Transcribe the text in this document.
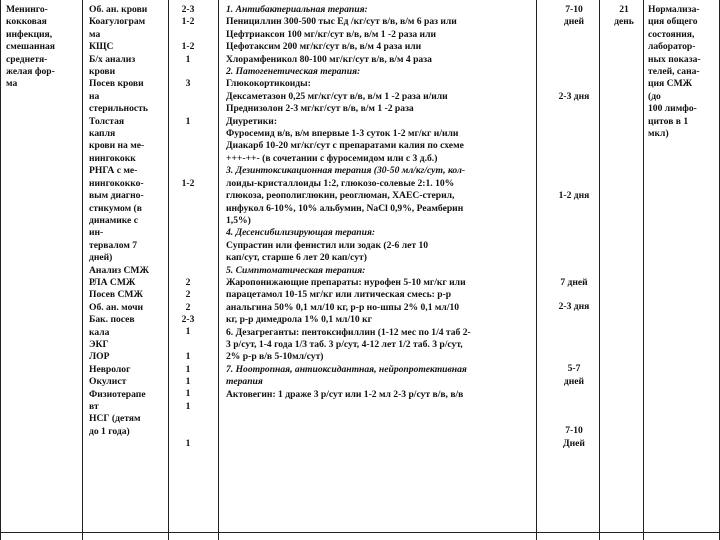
Менинго-
кокковая
инфекция,
смешанная
среднетя-
желая фор-
ма
Об. ан. крови
Коагулограм
ма
КЩС
Б/х анализ
крови
Посев крови
на
стерильность
Толстая
капля
крови на ме-
нингококк
РНГА с ме-
нингококко-
вым диагно-
стикумом (в
динамике с
ин-
тервалом 7
дней)
Анализ СМЖ
РЛА СМЖ
Посев СМЖ
Об. ан. мочи
Бак. посев
кала
ЭКГ
ЛОР
Невролог
Окулист
Физиотерапе
вт
НСГ (детям
до 1 года)
2-3
1-2
1-2
1
3
1
1-2
2
2
2
2-3
1
1
1
1
1
1
1
1. Антибактериальная терапия:
Пенициллин 300-500 тыс Ед /кг/сут в/в, в/м 6 раз или
Цефтриаксон 100 мг/кг/сут в/в, в/м 1 -2 раза или
Цефотаксим 200 мг/кг/сут в/в, в/м 4 раза или
Хлорамфеникол 80-100 мг/кг/сут в/в, в/м 4 раза
2. Патогенетическая терапия:
Глюкокортикоиды:
Дексаметазон 0,25 мг/кг/сут в/в, в/м 1 -2 раза и/или
Преднизолон 2-3 мг/кг/сут в/в, в/м 1 -2 раза
Диуретики:
Фуросемид в/в, в/м впервые 1-3 суток 1-2 мг/кг и/или
Диакарб 10-20 мг/кг/сут с препаратами калия по схеме
+++-++- (в сочетании с фуросемидом или с 3 д.б.)
3. Дезинтоксикационная терапия (30-50 мл/кг/сут, кол-
лоиды-кристаллоиды 1:2, глюкозо-солевые 2:1. 10%
глюкоза, реополиглюкин, реоглюман, ХАЕС-стерил,
инфукол 6-10%, 10% альбумин, NaCl 0,9%, Реамберин
1,5%)
4. Десенсибилизирующая терапия:
Супрастин или фенистил или зодак (2-6 лет 10
кап/сут, старше 6 лет 20 кап/сут)
5. Симптоматическая терапия:
Жаропонижающие препараты: нурофен 5-10 мг/кг или
парацетамол 10-15 мг/кг или литическая смесь: р-р
анальгина 50% 0,1 мл/10 кг, р-р но-шпы 2% 0,1 мл/10
кг, р-р димедрола 1% 0,1 мл/10 кг
6. Дезагреганты: пентоксифиллин (1-12 мес по 1/4 таб 2-
3 р/сут, 1-4 года 1/3 таб. 3 р/сут, 4-12 лет 1/2 таб. 3 р/сут,
2% р-р в/в 5-10мл/сут)
7. Ноотропная, антиоксидантная, нейропротективная
терапия
Актовегин: 1 драже 3 р/сут или 1-2 мл 2-3 р/сут в/в, в/в
7-10
дней
2-3 дня
1-2 дня
7 дней
2-3 дня
5-7
дней
7-10
Дней
21
день
Нормализа-
ция общего
состояния,
лаборатор-
ных показа-
телей, сана-
ция СМЖ
(до
100 лимфо-
цитов в 1
мкл)
